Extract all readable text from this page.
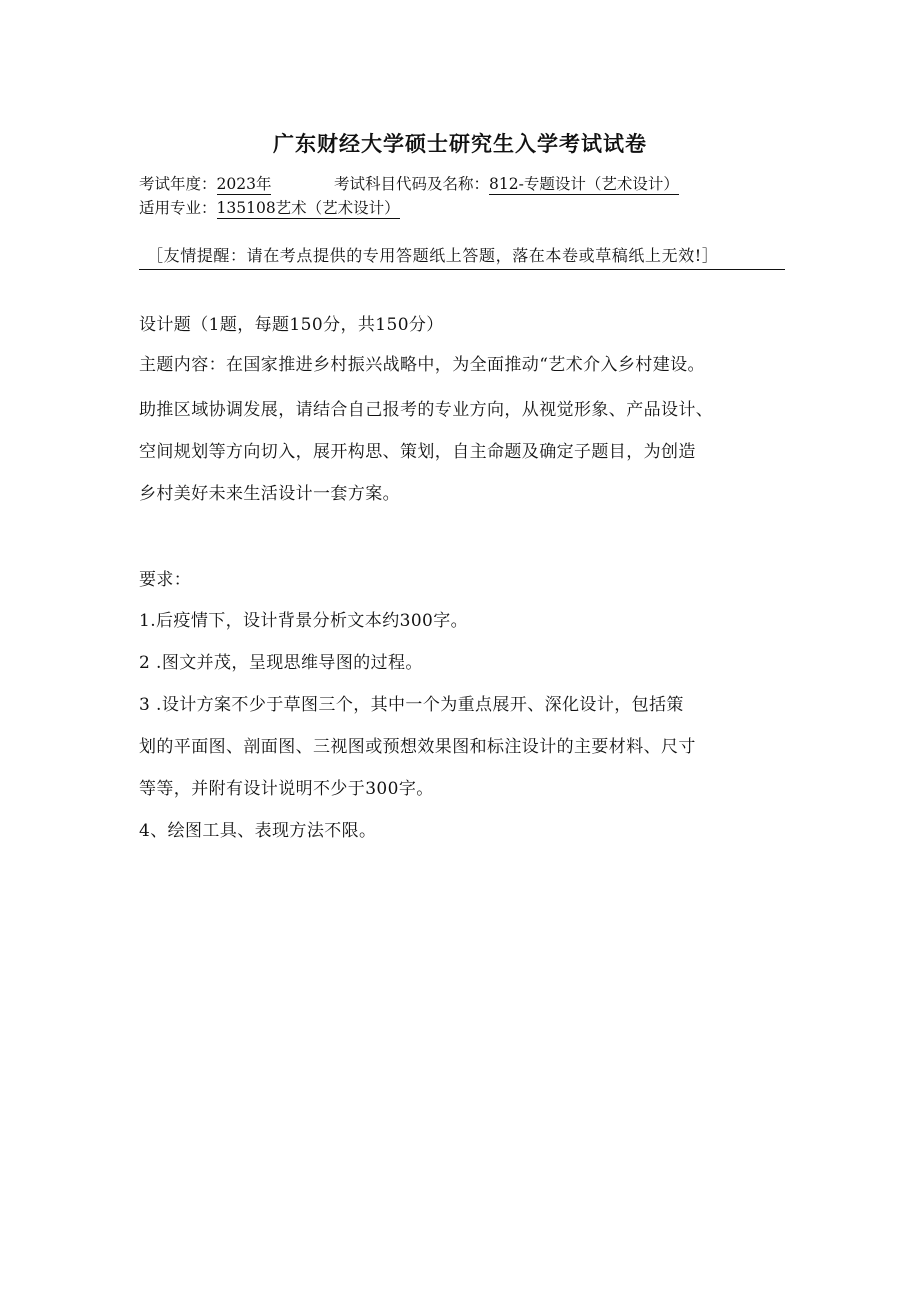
广东财经大学硕士研究生入学考试试卷
考试年度：2023年	考试科目代码及名称：812-专题设计（艺术设计）
适用专业：135108艺术（艺术设计）
［友情提醒：请在考点提供的专用答题纸上答题，落在本卷或草稿纸上无效!］
设计题（1题，每题150分，共150分）
主题内容：在国家推进乡村振兴战略中，为全面推动“艺术介入乡村建设。
助推区域协调发展，请结合自己报考的专业方向，从视觉形象、产品设计、
空间规划等方向切入，展开构思、策划，自主命题及确定子题目，为创造
乡村美好未来生活设计一套方案。
要求：
1.后疫情下，设计背景分析文本约300字。
2 .图文并茂，呈现思维导图的过程。
3 .设计方案不少于草图三个，其中一个为重点展开、深化设计，包括策
划的平面图、剖面图、三视图或预想效果图和标注设计的主要材料、尺寸
等等，并附有设计说明不少于300字。
4、绘图工具、表现方法不限。
